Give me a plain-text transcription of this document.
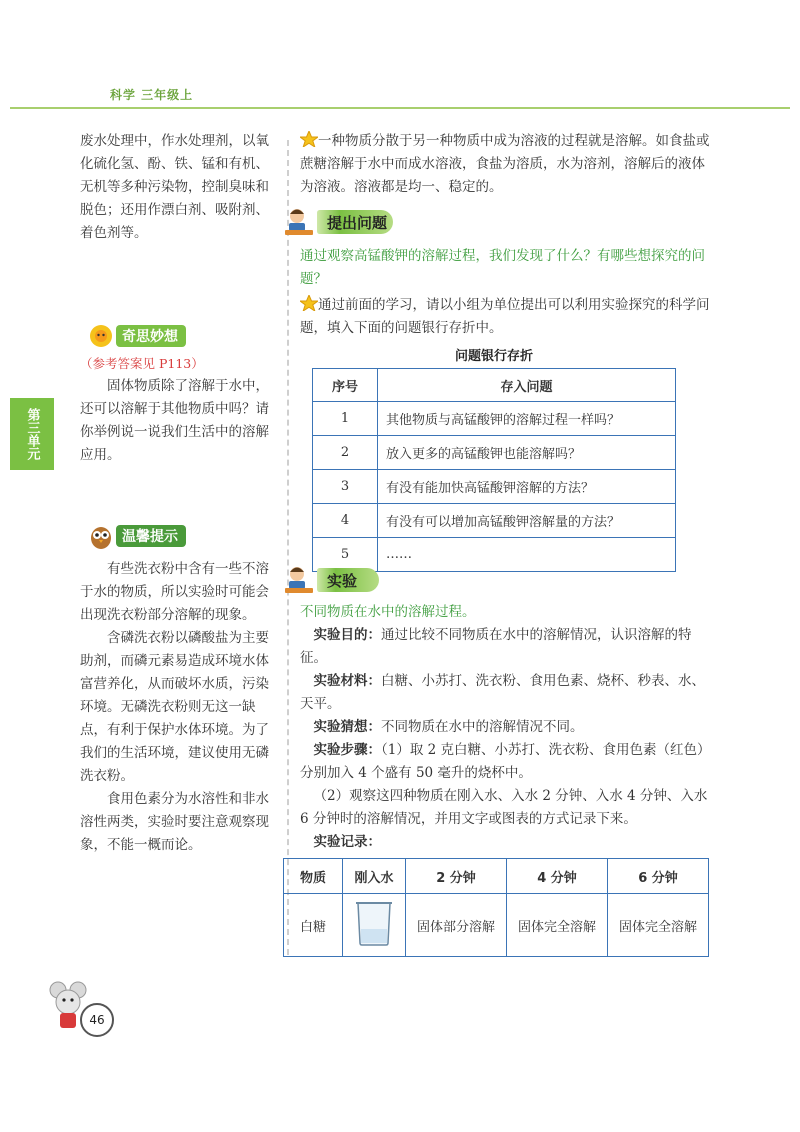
科学 三年级上
第三单元

废水处理中，作水处理剂，以氧化硫化氢、酚、铁、锰和有机、无机等多种污染物，控制臭味和脱色；还用作漂白剂、吸附剂、着色剂等。

奇思妙想

（参考答案见 P113）

固体物质除了溶解于水中，还可以溶解于其他物质中吗？请你举例说一说我们生活中的溶解应用。

温馨提示

有些洗衣粉中含有一些不溶于水的物质，所以实验时可能会出现洗衣粉部分溶解的现象。

含磷洗衣粉以磷酸盐为主要助剂，而磷元素易造成环境水体富营养化，从而破坏水质，污染环境。无磷洗衣粉则无这一缺点，有利于保护水体环境。为了我们的生活环境，建议使用无磷洗衣粉。

食用色素分为水溶性和非水溶性两类，实验时要注意观察现象，不能一概而论。

46

一种物质分散于另一种物质中成为溶液的过程就是溶解。如食盐或蔗糖溶解于水中而成水溶液，食盐为溶质，水为溶剂，溶解后的液体为溶液。溶液都是均一、稳定的。

提出问题

通过观察高锰酸钾的溶解过程，我们发现了什么？有哪些想探究的问题？

通过前面的学习，请以小组为单位提出可以利用实验探究的科学问题，填入下面的问题银行存折中。

问题银行存折
序号	存入问题
1	其他物质与高锰酸钾的溶解过程一样吗？
2	放入更多的高锰酸钾也能溶解吗？
3	有没有能加快高锰酸钾溶解的方法？
4	有没有可以增加高锰酸钾溶解量的方法？
5	……
实验

不同物质在水中的溶解过程。

实验目的：通过比较不同物质在水中的溶解情况，认识溶解的特征。

实验材料：白糖、小苏打、洗衣粉、食用色素、烧杯、秒表、水、天平。

实验猜想：不同物质在水中的溶解情况不同。

实验步骤：（1）取 2 克白糖、小苏打、洗衣粉、食用色素（红色）分别加入 4 个盛有 50 毫升的烧杯中。

（2）观察这四种物质在刚入水、入水 2 分钟、入水 4 分钟、入水 6 分钟时的溶解情况，并用文字或图表的方式记录下来。

实验记录：

物质	刚入水	2 分钟	4 分钟	6 分钟
白糖		固体部分溶解	固体完全溶解	固体完全溶解
